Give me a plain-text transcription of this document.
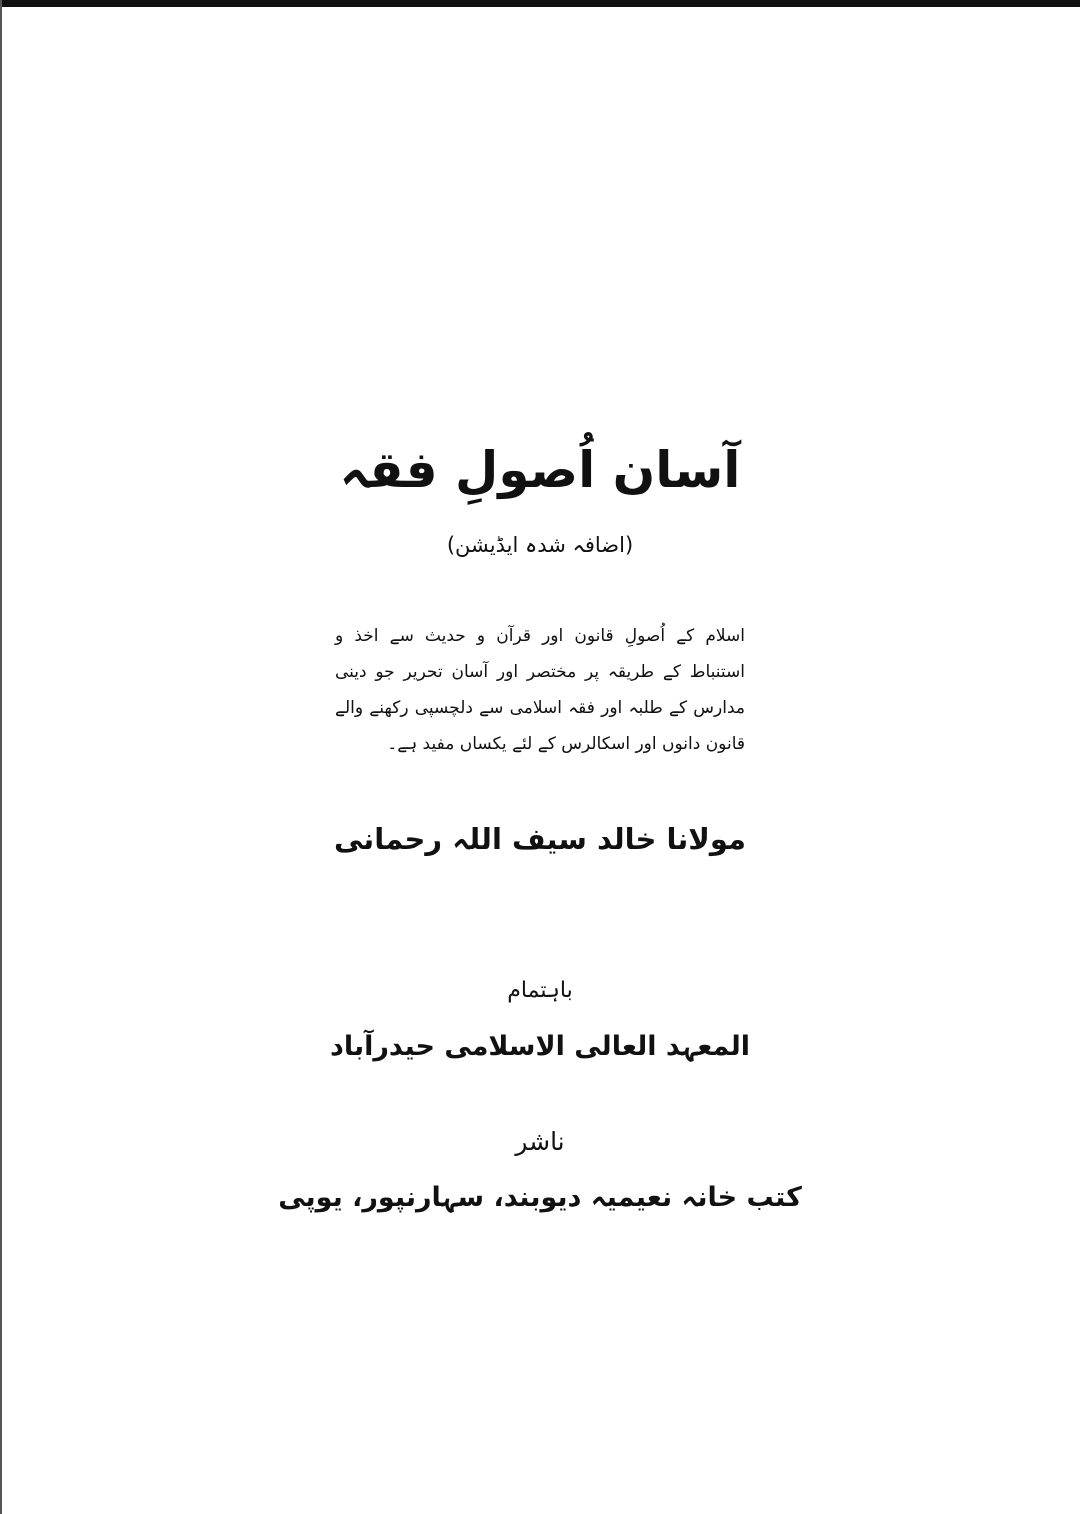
آسان اُصولِ فقہ
(اضافہ شدہ ایڈیشن)
اسلام کے اُصولِ قانون اور قرآن و حدیث سے اخذ و استنباط کے طریقہ پر مختصر اور آسان تحریر جو دینی مدارس کے طلبہ اور فقہ اسلامی سے دلچسپی رکھنے والے قانون دانوں اور اسکالرس کے لئے یکساں مفید ہے۔
مولانا خالد سیف اللہ رحمانی
باہتمام
المعہد العالی الاسلامی حیدرآباد
ناشر
کتب خانہ نعیمیہ دیوبند، سہارنپور، یوپی
